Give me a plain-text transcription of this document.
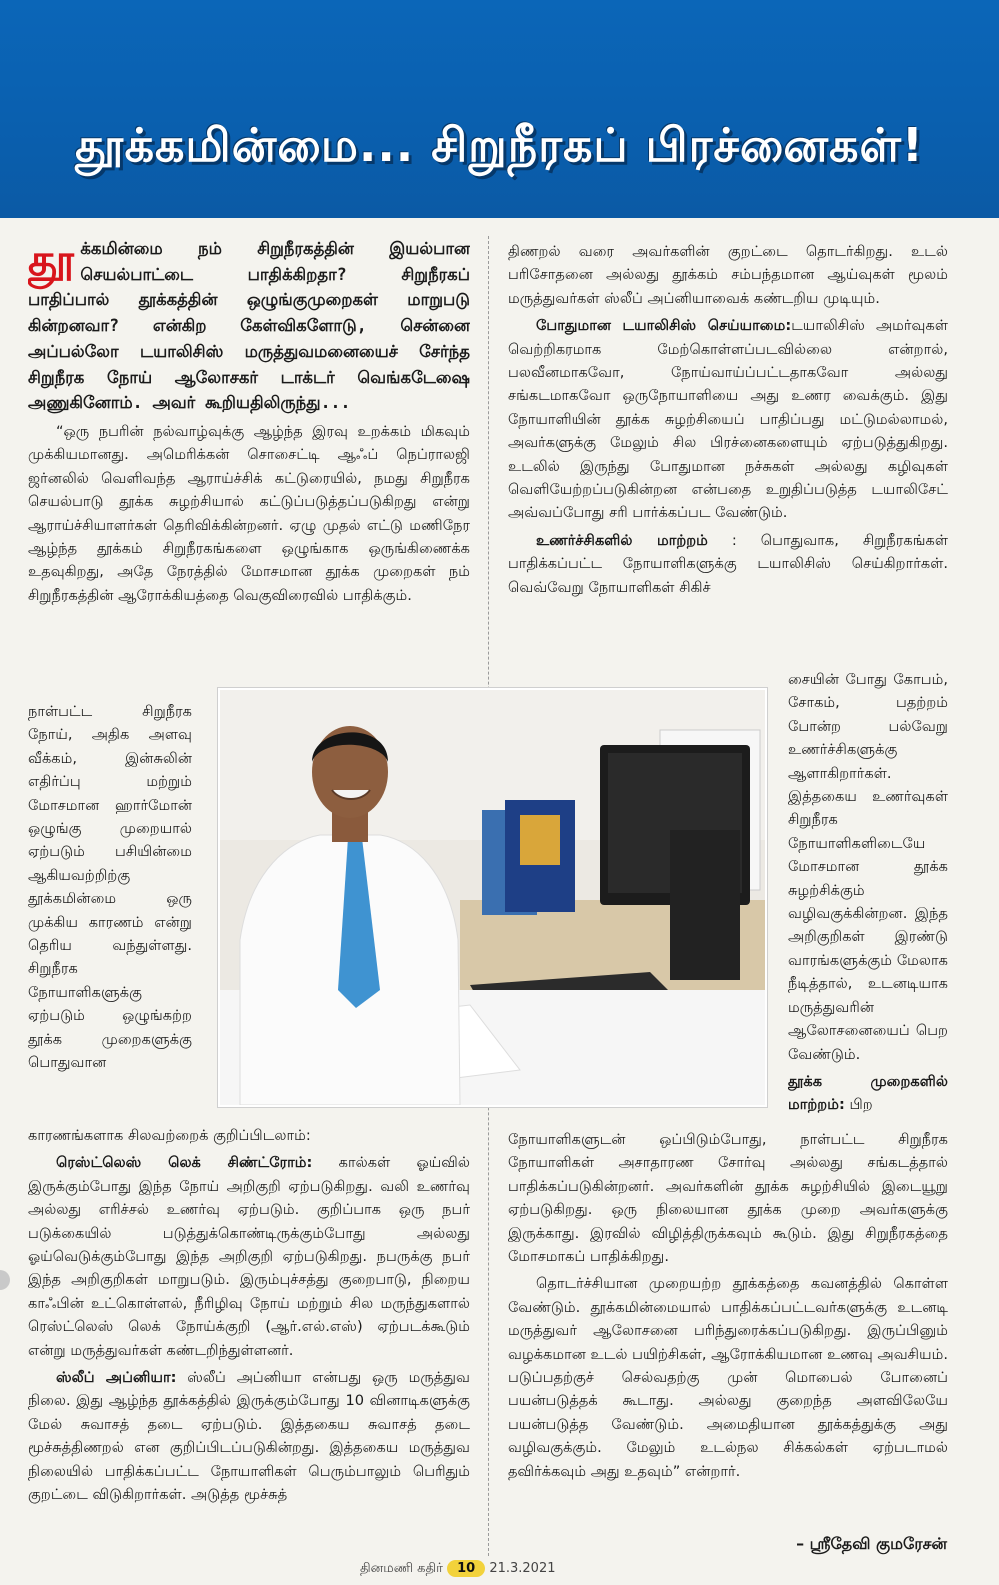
தூக்கமின்மை... சிறுநீரகப் பிரச்னைகள்!
தூக்கமின்மை நம் சிறுநீரகத்தின் இயல்பான செயல்பாட்டை பாதிக்கிறதா? சிறுநீரகப் பாதிப்பால் தூக்கத்தின் ஒழுங்குமுறைகள் மாறுபடு கின்றனவா? என்கிற கேள்விகளோடு, சென்னை அப்பல்லோ டயாலிசிஸ் மருத்துவமனையைச் சேர்ந்த சிறுநீரக நோய் ஆலோசகர் டாக்டர் வெங்கடேஷை அணுகினோம். அவர் கூறியதிலிருந்து...
“ஒரு நபரின் நல்வாழ்வுக்கு ஆழ்ந்த இரவு உறக்கம் மிகவும் முக்கியமானது. அமெரிக்கன் சொசைட்டி ஆஃப் நெப்ராலஜி ஜர்னலில் வெளிவந்த ஆராய்ச்சிக் கட்டுரையில், நமது சிறுநீரக செயல்பாடு தூக்க சுழற்சியால் கட்டுப்படுத்தப்படுகிறது என்று ஆராய்ச்சியாளர்கள் தெரிவிக்கின்றனர். ஏழு முதல் எட்டு மணிநேர ஆழ்ந்த தூக்கம் சிறுநீரகங்களை ஒழுங்காக ஒருங்கிணைக்க உதவுகிறது, அதே நேரத்தில் மோசமான தூக்க முறைகள் நம் சிறுநீரகத்தின் ஆரோக்கியத்தை வெகுவிரைவில் பாதிக்கும்.
நாள்பட்ட சிறுநீரக நோய், அதிக அளவு வீக்கம், இன்சுலின் எதிர்ப்பு மற்றும் மோசமான ஹார்மோன் ஒழுங்கு முறையால் ஏற்படும் பசியின்மை ஆகியவற்றிற்கு தூக்கமின்மை ஒரு முக்கிய காரணம் என்று தெரிய வந்துள்ளது. சிறுநீரக நோயாளிகளுக்கு ஏற்படும் ஒழுங்கற்ற தூக்க முறைகளுக்கு பொதுவான
காரணங்களாக சிலவற்றைக் குறிப்பிடலாம்:
ரெஸ்ட்லெஸ் லெக் சிண்ட்ரோம்: கால்கள் ஓய்வில் இருக்கும்போது இந்த நோய் அறிகுறி ஏற்படுகிறது. வலி உணர்வு அல்லது எரிச்சல் உணர்வு ஏற்படும். குறிப்பாக ஒரு நபர் படுக்கையில் படுத்துக்கொண்டிருக்கும்போது அல்லது ஓய்வெடுக்கும்போது இந்த அறிகுறி ஏற்படுகிறது. நபருக்கு நபர் இந்த அறிகுறிகள் மாறுபடும். இரும்புச்சத்து குறைபாடு, நிறைய காஃபின் உட்கொள்ளல், நீரிழிவு நோய் மற்றும் சில மருந்துகளால் ரெஸ்ட்லெஸ் லெக் நோய்க்குறி (ஆர்.எல்.எஸ்) ஏற்படக்கூடும் என்று மருத்துவர்கள் கண்டறிந்துள்ளனர்.
ஸ்லீப் அப்னியா: ஸ்லீப் அப்னியா என்பது ஒரு மருத்துவ நிலை. இது ஆழ்ந்த தூக்கத்தில் இருக்கும்போது 10 வினாடிகளுக்கு மேல் சுவாசத் தடை ஏற்படும். இத்தகைய சுவாசத் தடை மூச்சுத்திணறல் என குறிப்பிடப்படுகின்றது. இத்தகைய மருத்துவ நிலையில் பாதிக்கப்பட்ட நோயாளிகள் பெரும்பாலும் பெரிதும் குறட்டை விடுகிறார்கள். அடுத்த மூச்சுத்
திணறல் வரை அவர்களின் குறட்டை தொடர்கிறது. உடல் பரிசோதனை அல்லது தூக்கம் சம்பந்தமான ஆய்வுகள் மூலம் மருத்துவர்கள் ஸ்லீப் அப்னியாவைக் கண்டறிய முடியும்.
போதுமான டயாலிசிஸ் செய்யாமை:டயாலிசிஸ் அமர்வுகள் வெற்றிகரமாக மேற்கொள்ளப்படவில்லை என்றால், பலவீனமாகவோ, நோய்வாய்ப்பட்டதாகவோ அல்லது சங்கடமாகவோ ஒருநோயாளியை அது உணர வைக்கும். இது நோயாளியின் தூக்க சுழற்சியைப் பாதிப்பது மட்டுமல்லாமல், அவர்களுக்கு மேலும் சில பிரச்னைகளையும் ஏற்படுத்துகிறது. உடலில் இருந்து போதுமான நச்சுகள் அல்லது கழிவுகள் வெளியேற்றப்படுகின்றன என்பதை உறுதிப்படுத்த டயாலிசேட் அவ்வப்போது சரி பார்க்கப்பட வேண்டும்.
உணர்ச்சிகளில் மாற்றம் : பொதுவாக, சிறுநீரகங்கள் பாதிக்கப்பட்ட நோயாளிகளுக்கு டயாலிசிஸ் செய்கிறார்கள். வெவ்வேறு நோயாளிகள் சிகிச்
சையின் போது கோபம், சோகம், பதற்றம் போன்ற பல்வேறு உணர்ச்சிகளுக்கு ஆளாகிறார்கள். இத்தகைய உணர்வுகள் சிறுநீரக நோயாளிகளிடையே மோசமான தூக்க சுழற்சிக்கும் வழிவகுக்கின்றன. இந்த அறிகுறிகள் இரண்டு வாரங்களுக்கும் மேலாக நீடித்தால், உடனடியாக மருத்துவரின் ஆலோசனையைப் பெற வேண்டும்.
தூக்க முறைகளில் மாற்றம்: பிற
நோயாளிகளுடன் ஒப்பிடும்போது, நாள்பட்ட சிறுநீரக நோயாளிகள் அசாதாரண சோர்வு அல்லது சங்கடத்தால் பாதிக்கப்படுகின்றனர். அவர்களின் தூக்க சுழற்சியில் இடையூறு ஏற்படுகிறது. ஒரு நிலையான தூக்க முறை அவர்களுக்கு இருக்காது. இரவில் விழித்திருக்கவும் கூடும். இது சிறுநீரகத்தை மோசமாகப் பாதிக்கிறது.
தொடர்ச்சியான முறையற்ற தூக்கத்தை கவனத்தில் கொள்ள வேண்டும். தூக்கமின்மையால் பாதிக்கப்பட்டவர்களுக்கு உடனடி மருத்துவர் ஆலோசனை பரிந்துரைக்கப்படுகிறது. இருப்பினும் வழக்கமான உடல் பயிற்சிகள், ஆரோக்கியமான உணவு அவசியம். படுப்பதற்குச் செல்வதற்கு முன் மொபைல் போனைப் பயன்படுத்தக் கூடாது. அல்லது குறைந்த அளவிலேயே பயன்படுத்த வேண்டும். அமைதியான தூக்கத்துக்கு அது வழிவகுக்கும். மேலும் உடல்நல சிக்கல்கள் ஏற்படாமல் தவிர்க்கவும் அது உதவும்” என்றார்.
– ஸ்ரீதேவி குமரேசன்
தினமணி கதிர் 10 21.3.2021
